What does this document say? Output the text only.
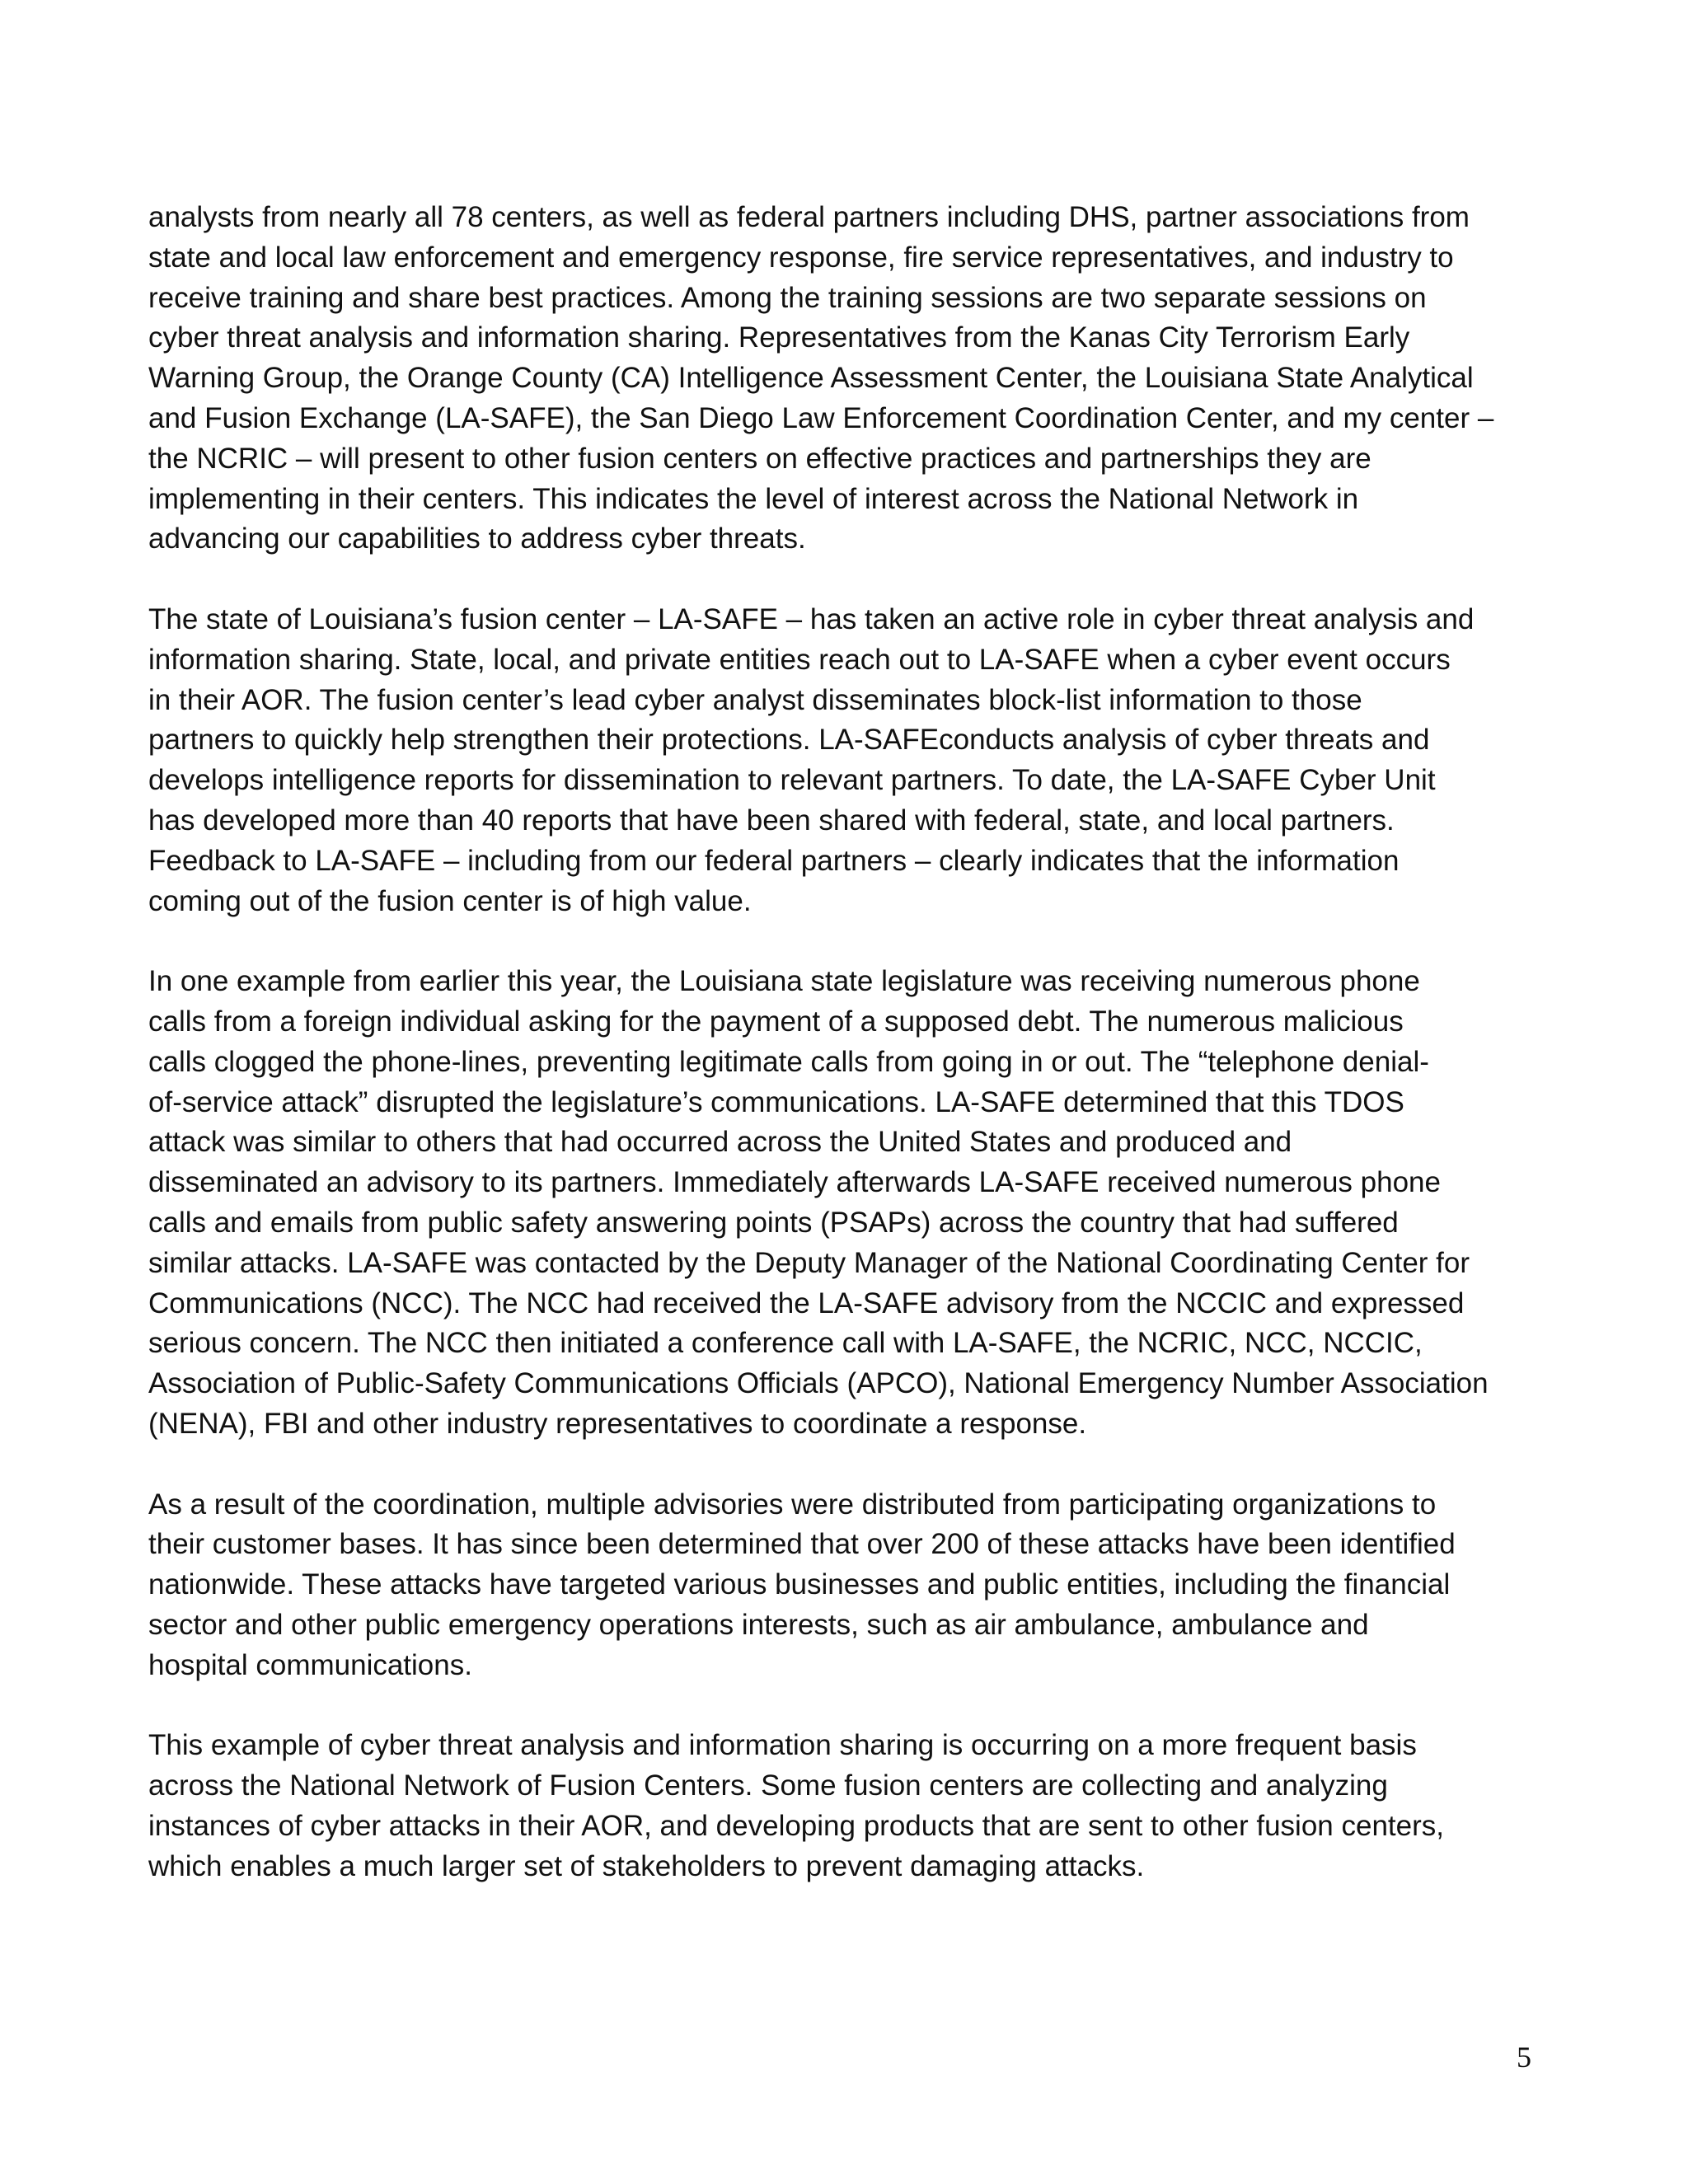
analysts from nearly all 78 centers, as well as federal partners including DHS, partner associations from
state and local law enforcement and emergency response, fire service representatives, and industry to
receive training and share best practices. Among the training sessions are two separate sessions on
cyber threat analysis and information sharing. Representatives from the Kanas City Terrorism Early
Warning Group, the Orange County (CA) Intelligence Assessment Center, the Louisiana State Analytical
and Fusion Exchange (LA-SAFE), the San Diego Law Enforcement Coordination Center, and my center –
the NCRIC – will present to other fusion centers on effective practices and partnerships they are
implementing in their centers. This indicates the level of interest across the National Network in
advancing our capabilities to address cyber threats.

The state of Louisiana’s fusion center – LA-SAFE – has taken an active role in cyber threat analysis and
information sharing. State, local, and private entities reach out to LA-SAFE when a cyber event occurs
in their AOR. The fusion center’s lead cyber analyst disseminates block-list information to those
partners to quickly help strengthen their protections. LA-SAFEconducts analysis of cyber threats and
develops intelligence reports for dissemination to relevant partners. To date, the LA-SAFE Cyber Unit
has developed more than 40 reports that have been shared with federal, state, and local partners.
Feedback to LA-SAFE – including from our federal partners – clearly indicates that the information
coming out of the fusion center is of high value.

In one example from earlier this year, the Louisiana state legislature was receiving numerous phone
calls from a foreign individual asking for the payment of a supposed debt. The numerous malicious
calls clogged the phone-lines, preventing legitimate calls from going in or out. The “telephone denial-
of-service attack” disrupted the legislature’s communications. LA-SAFE determined that this TDOS
attack was similar to others that had occurred across the United States and produced and
disseminated an advisory to its partners. Immediately afterwards LA-SAFE received numerous phone
calls and emails from public safety answering points (PSAPs) across the country that had suffered
similar attacks. LA-SAFE was contacted by the Deputy Manager of the National Coordinating Center for
Communications (NCC). The NCC had received the LA-SAFE advisory from the NCCIC and expressed
serious concern. The NCC then initiated a conference call with LA-SAFE, the NCRIC, NCC, NCCIC,
Association of Public-Safety Communications Officials (APCO), National Emergency Number Association
(NENA), FBI and other industry representatives to coordinate a response.

As a result of the coordination, multiple advisories were distributed from participating organizations to
their customer bases. It has since been determined that over 200 of these attacks have been identified
nationwide. These attacks have targeted various businesses and public entities, including the financial
sector and other public emergency operations interests, such as air ambulance, ambulance and
hospital communications.

This example of cyber threat analysis and information sharing is occurring on a more frequent basis
across the National Network of Fusion Centers. Some fusion centers are collecting and analyzing
instances of cyber attacks in their AOR, and developing products that are sent to other fusion centers,
which enables a much larger set of stakeholders to prevent damaging attacks.

5
